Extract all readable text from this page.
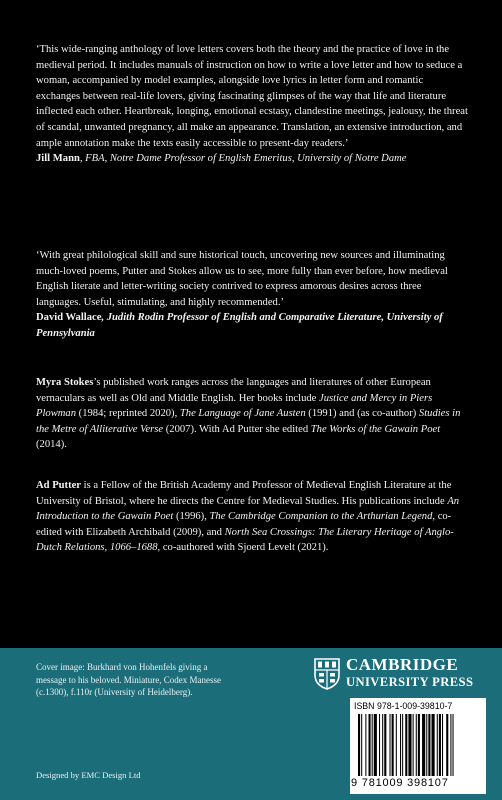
‘This wide-ranging anthology of love letters covers both the theory and the practice of love in the medieval period. It includes manuals of instruction on how to write a love letter and how to seduce a woman, accompanied by model examples, alongside love lyrics in letter form and romantic exchanges between real-life lovers, giving fascinating glimpses of the way that life and literature inflected each other. Heartbreak, longing, emotional ecstasy, clandestine meetings, jealousy, the threat of scandal, unwanted pregnancy, all make an appearance. Translation, an extensive introduction, and ample annotation make the texts easily accessible to present-day readers.’

Jill Mann, FBA, Notre Dame Professor of English Emeritus, University of Notre Dame

‘With great philological skill and sure historical touch, uncovering new sources and illuminating much-loved poems, Putter and Stokes allow us to see, more fully than ever before, how medieval English literate and letter-writing society contrived to express amorous desires across three languages. Useful, stimulating, and highly recommended.’

David Wallace, Judith Rodin Professor of English and Comparative Literature, University of Pennsylvania

Myra Stokes’s published work ranges across the languages and literatures of other European vernaculars as well as Old and Middle English. Her books include Justice and Mercy in Piers Plowman (1984; reprinted 2020), The Language of Jane Austen (1991) and (as co-author) Studies in the Metre of Alliterative Verse (2007). With Ad Putter she edited The Works of the Gawain Poet (2014).

Ad Putter is a Fellow of the British Academy and Professor of Medieval English Literature at the University of Bristol, where he directs the Centre for Medieval Studies. His publications include An Introduction to the Gawain Poet (1996), The Cambridge Companion to the Arthurian Legend, co-edited with Elizabeth Archibald (2009), and North Sea Crossings: The Literary Heritage of Anglo-Dutch Relations, 1066–1688, co-authored with Sjoerd Levelt (2021).

Cover image: Burkhard von Hohenfels giving a message to his beloved. Miniature, Codex Manesse (c.1300), f.110r (University of Heidelberg).
CAMBRIDGE
UNIVERSITY PRESS
ISBN 978-1-009-39810-7
9 781009 398107
Designed by EMC Design Ltd
